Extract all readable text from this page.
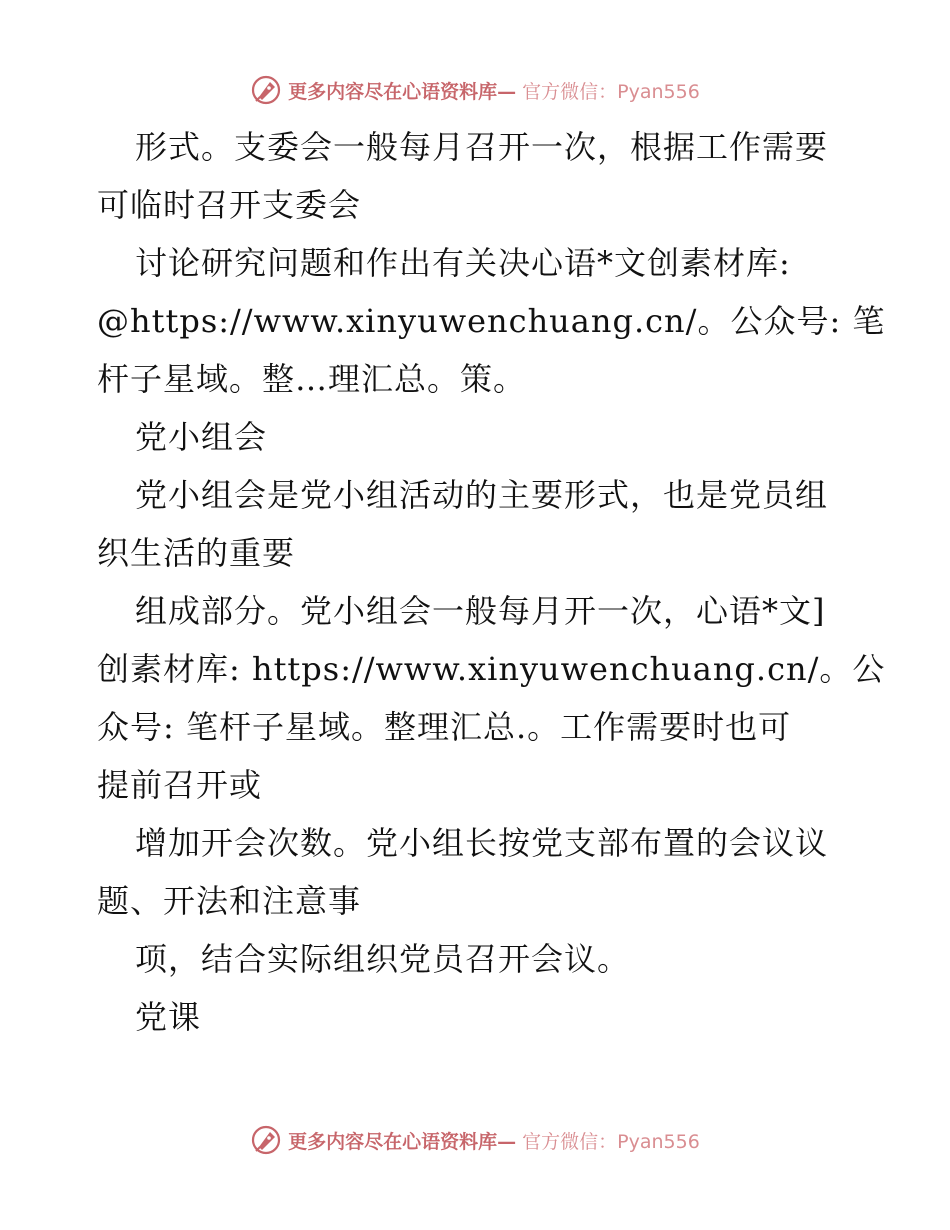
更多内容尽在心语资料库— 官方微信：Pyan556
形式。支委会一般每月召开一次，根据工作需要
可临时召开支委会
讨论研究问题和作出有关决心语*文创素材库:
@https://www.xinyuwenchuang.cn/。公众号: 笔
杆子星域。整…理汇总。策。
党小组会
党小组会是党小组活动的主要形式，也是党员组
织生活的重要
组成部分。党小组会一般每月开一次，心语*文]
创素材库: https://www.xinyuwenchuang.cn/。公
众号: 笔杆子星域。整理汇总.。工作需要时也可
提前召开或
增加开会次数。党小组长按党支部布置的会议议
题、开法和注意事
项，结合实际组织党员召开会议。
党课
更多内容尽在心语资料库— 官方微信：Pyan556
